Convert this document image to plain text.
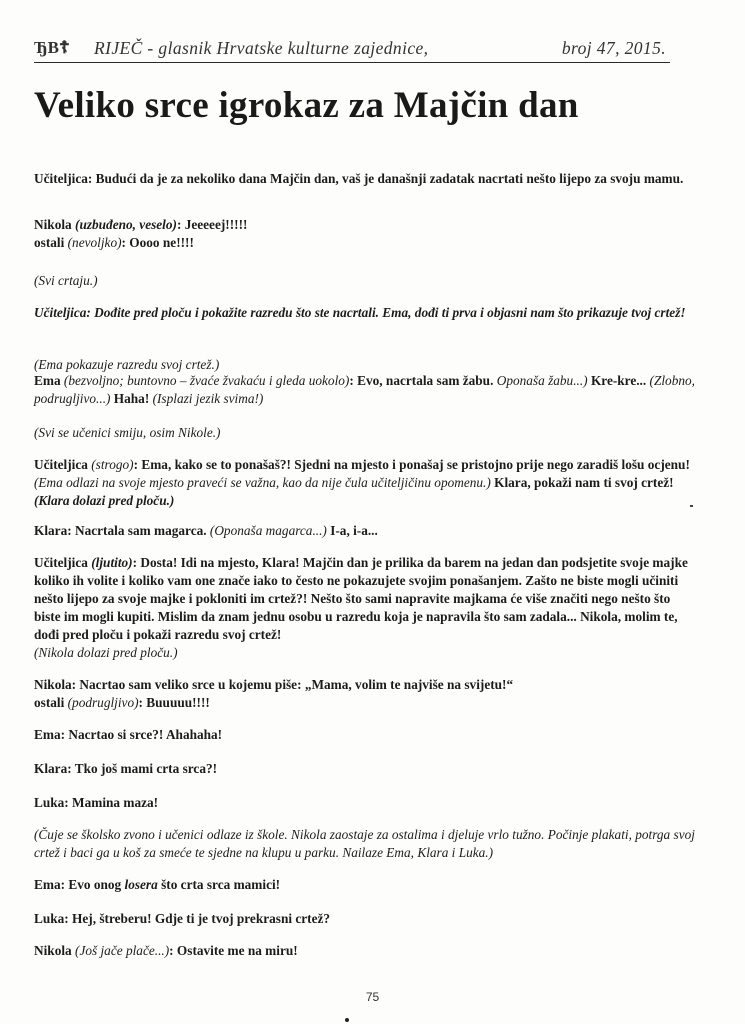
ЂВ☦ RIJEČ - glasnik Hrvatske kulturne zajednice,	broj 47, 2015.
Veliko srce igrokaz za Majčin dan

Učiteljica: Budući da je za nekoliko dana Majčin dan, vaš je današnji zadatak nacrtati nešto lijepo za svoju mamu.

Nikola (uzbuđeno, veselo): Jeeeeej!!!!!

ostali (nevoljko): Oooo ne!!!!

(Svi crtaju.)

Učiteljica: Dođite pred ploču i pokažite razredu što ste nacrtali. Ema, dođi ti prva i objasni nam što prikazuje tvoj crtež!

(Ema pokazuje razredu svoj crtež.)

Ema (bezvoljno; buntovno – žvaće žvakaću i gleda uokolo): Evo, nacrtala sam žabu. Oponaša žabu...) Kre-kre... (Zlobno, podrugljivo...) Haha! (Isplazi jezik svima!)

(Svi se učenici smiju, osim Nikole.)

Učiteljica (strogo): Ema, kako se to ponašaš?! Sjedni na mjesto i ponašaj se pristojno prije nego zaradiš lošu ocjenu! (Ema odlazi na svoje mjesto praveći se važna, kao da nije čula učiteljičinu opomenu.) Klara, pokaži nam ti svoj crtež! (Klara dolazi pred ploču.)

Klara: Nacrtala sam magarca. (Oponaša magarca...) I-a, i-a...

Učiteljica (ljutito): Dosta! Idi na mjesto, Klara! Majčin dan je prilika da barem na jedan dan podsjetite svoje majke koliko ih volite i koliko vam one znače iako to često ne pokazujete svojim ponašanjem. Zašto ne biste mogli učiniti nešto lijepo za svoje majke i pokloniti im crtež?! Nešto što sami napravite majkama će više značiti nego nešto što biste im mogli kupiti. Mislim da znam jednu osobu u razredu koja je napravila što sam zadala... Nikola, molim te, dođi pred ploču i pokaži razredu svoj crtež!

(Nikola dolazi pred ploču.)

Nikola: Nacrtao sam veliko srce u kojemu piše: „Mama, volim te najviše na svijetu!“

ostali (podrugljivo): Buuuuu!!!!

Ema: Nacrtao si srce?! Ahahaha!

Klara: Tko još mami crta srca?!

Luka: Mamina maza!

(Čuje se školsko zvono i učenici odlaze iz škole. Nikola zaostaje za ostalima i djeluje vrlo tužno. Počinje plakati, potrga svoj crtež i baci ga u koš za smeće te sjedne na klupu u parku. Nailaze Ema, Klara i Luka.)

Ema: Evo onog losera što crta srca mamici!

Luka: Hej, štreberu! Gdje ti je tvoj prekrasni crtež?

Nikola (Još jače plače...): Ostavite me na miru!

75
